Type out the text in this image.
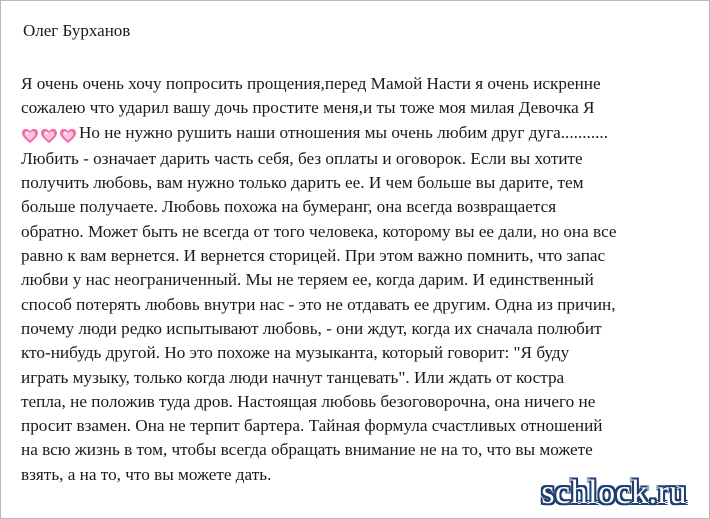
Олег Бурханов

Я очень очень хочу попросить прощения,перед Мамой Насти я очень искренне
сожалею что ударил вашу дочь простите меня,и ты тоже моя милая Девочка Я
Но не нужно рушить наши отношения мы очень любим друг дуга...........
Любить - означает дарить часть себя, без оплаты и оговорок. Если вы хотите
получить любовь, вам нужно только дарить ее. И чем больше вы дарите, тем
больше получаете. Любовь похожа на бумеранг, она всегда возвращается
обратно. Может быть не всегда от того человека, которому вы ее дали, но она все
равно к вам вернется. И вернется сторицей. При этом важно помнить, что запас
любви у нас неограниченный. Мы не теряем ее, когда дарим. И единственный
способ потерять любовь внутри нас - это не отдавать ее другим. Одна из причин,
почему люди редко испытывают любовь, - они ждут, когда их сначала полюбит
кто-нибудь другой. Но это похоже на музыканта, который говорит: "Я буду
играть музыку, только когда люди начнут танцевать". Или ждать от костра
тепла, не положив туда дров. Настоящая любовь безоговорочна, она ничего не
просит взамен. Она не терпит бартера. Тайная формула счастливых отношений
на всю жизнь в том, чтобы всегда обращать внимание не на то, что вы можете
взять, а на то, что вы можете дать.	schlock.ru
